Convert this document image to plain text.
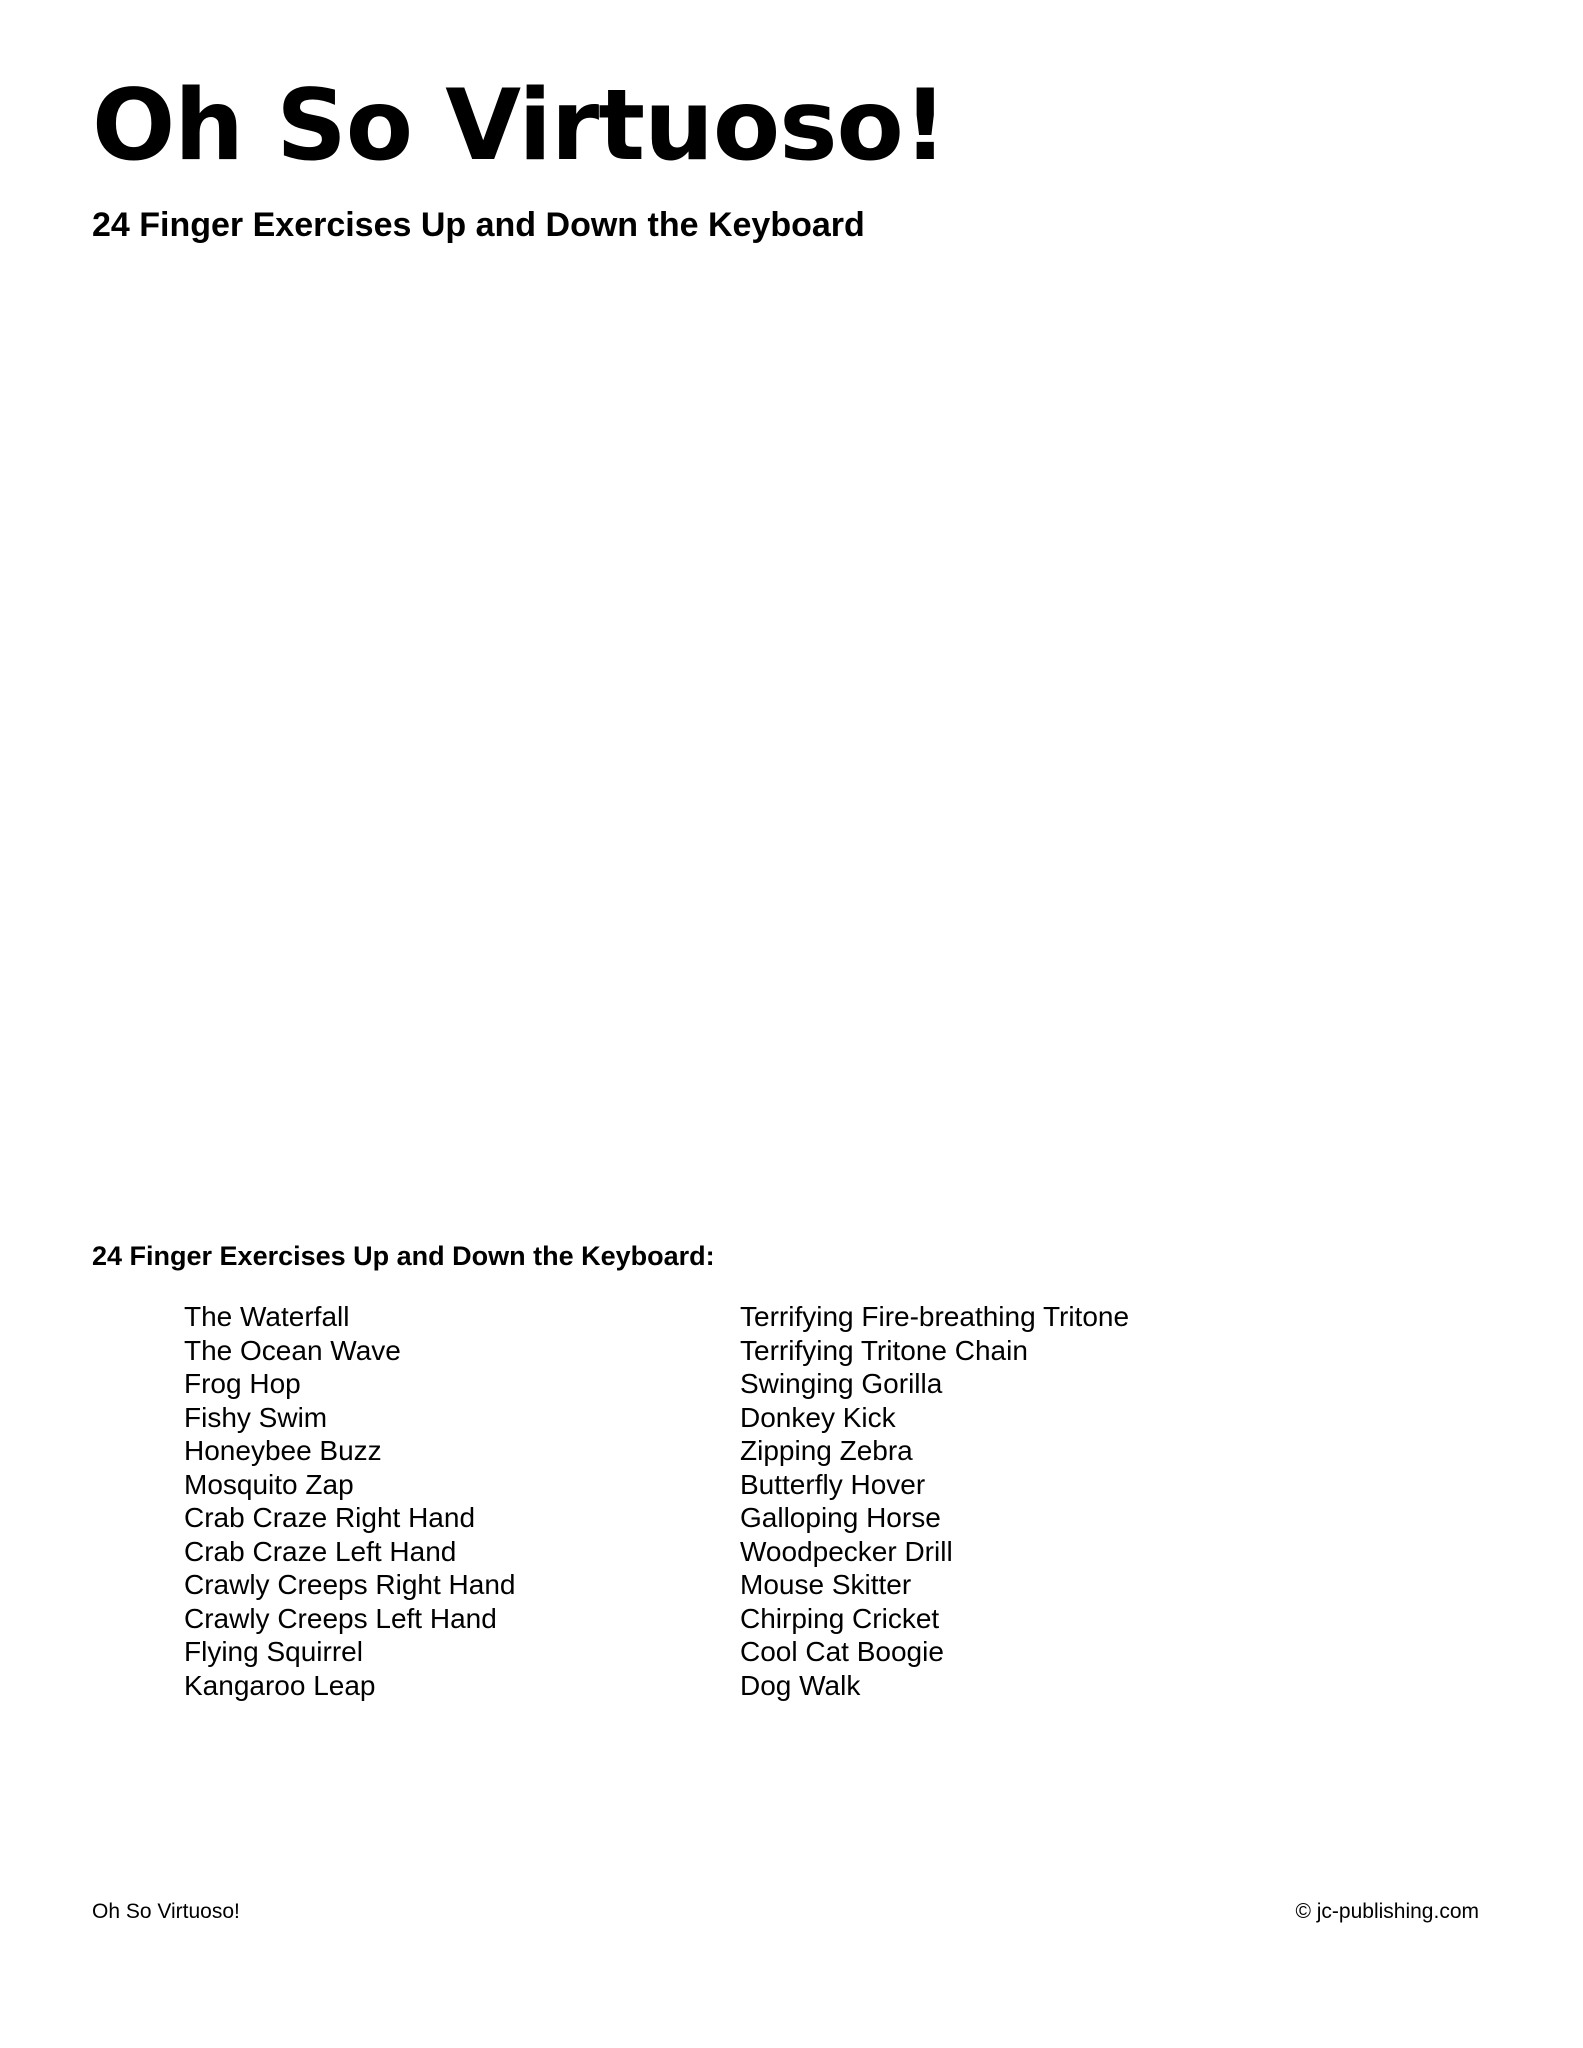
Oh So Virtuoso!
24 Finger Exercises Up and Down the Keyboard
24 Finger Exercises Up and Down the Keyboard:
The Waterfall
The Ocean Wave
Frog Hop
Fishy Swim
Honeybee Buzz
Mosquito Zap
Crab Craze Right Hand
Crab Craze Left Hand
Crawly Creeps Right Hand
Crawly Creeps Left Hand
Flying Squirrel
Kangaroo Leap
Terrifying Fire-breathing Tritone
Terrifying Tritone Chain
Swinging Gorilla
Donkey Kick
Zipping Zebra
Butterfly Hover
Galloping Horse
Woodpecker Drill
Mouse Skitter
Chirping Cricket
Cool Cat Boogie
Dog Walk
Oh So Virtuoso!	© jc-publishing.com
